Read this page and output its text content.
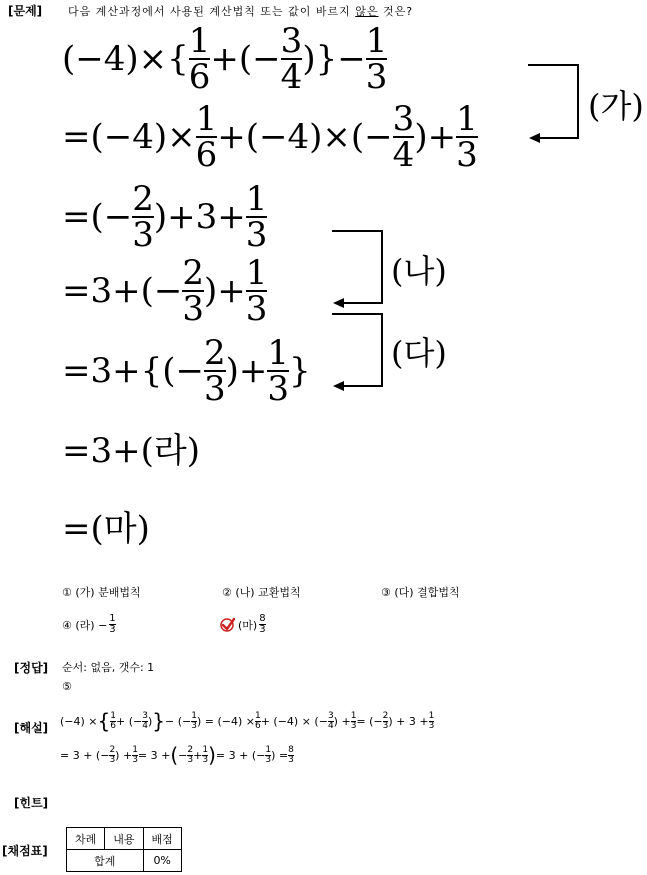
[문제] 다음 계산과정에서 사용된 계산법칙 또는 값이 바르지 않은 것은?
$(-4)\times\{ \frac{1}{6}$ +(− $\frac{3}{4}$ )}− $\frac{1}{3}$
$=(-4)\times \frac{1}{6} +(-4)\times(- \frac{3}{4}$ )+ $\frac{1}{3}$
=(− $\frac{2}{3} )+3+ \frac{1}{3}$
$=3+(- \frac{2}{3}$ )+ $\frac{1}{3}$
$=3+\{(- \frac{2}{3}$ )+ $\frac{1}{3}$ }
=3+ (라)
= (마)
(가)
(나)
(다)
① (가) 분배법칙	② (나) 교환법칙	③ (다) 결합법칙
④ (라) − $\frac{1}{3}$	(마) $\frac{8}{3}$
[정답] 순서: 없음, 갯수: 1
⑤
[해설] (−4) × { $\frac{1}{6}$ + (− $\frac{3}{4}$ ) } − (− $\frac{1}{3}$ ) = $(-4) \times \frac{1}{6} + (-4)$ × (− $\frac{3}{4}$ ) + $\frac{1}{3}$ = (− $\frac{2}{3}$ ) + $3 + \frac{1}{3}$
= 3 + (− $\frac{2}{3}$ ) + $\frac{1}{3} = 3$ + ( − $\frac{2}{3} + \frac{1}{3}$ ) = 3 + (− $\frac{1}{3}$ ) = $\frac{8}{3}$
[힌트]
[채점표]
차례	내용	배점
합계		0%
